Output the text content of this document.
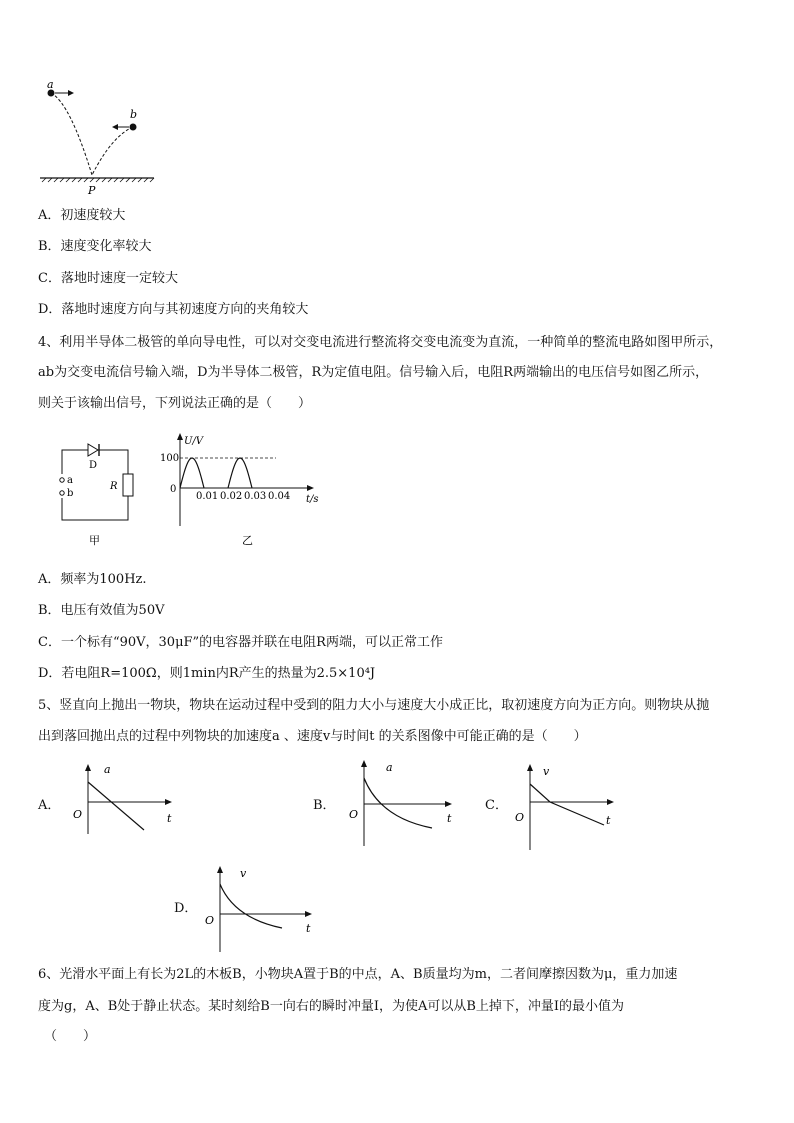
a
b
P
A．初速度较大
B．速度变化率较大
C．落地时速度一定较大
D．落地时速度方向与其初速度方向的夹角较大
4、利用半导体二极管的单向导电性，可以对交变电流进行整流将交变电流变为直流，一种简单的整流电路如图甲所示，
ab为交变电流信号输入端，D为半导体二极管，R为定值电阻。信号输入后，电阻R两端输出的电压信号如图乙所示，
则关于该输出信号，下列说法正确的是（　　）
D
a
b
R
甲
U/V
100
0
t/s
乙
0.01 0.02 0.03 0.04
A．频率为100Hz.
B．电压有效值为50V
C．一个标有“90V，30μF”的电容器并联在电阻R两端，可以正常工作
D．若电阻R=100Ω，则1min内R产生的热量为2.5×10⁴J
5、竖直向上抛出一物块，物块在运动过程中受到的阻力大小与速度大小成正比，取初速度方向为正方向。则物块从抛
出到落回抛出点的过程中列物块的加速度a 、速度v与时间t 的关系图像中可能正确的是（　　）
A．
a
O	t
B．
a
O	t
C．
v
O	t
D．
v
O
t
6、光滑水平面上有长为2L的木板B，小物块A置于B的中点，A、B质量均为m，二者间摩擦因数为μ，重力加速
度为g，A、B处于静止状态。某时刻给B一向右的瞬时冲量I，为使A可以从B上掉下，冲量I的最小值为
（　　）
